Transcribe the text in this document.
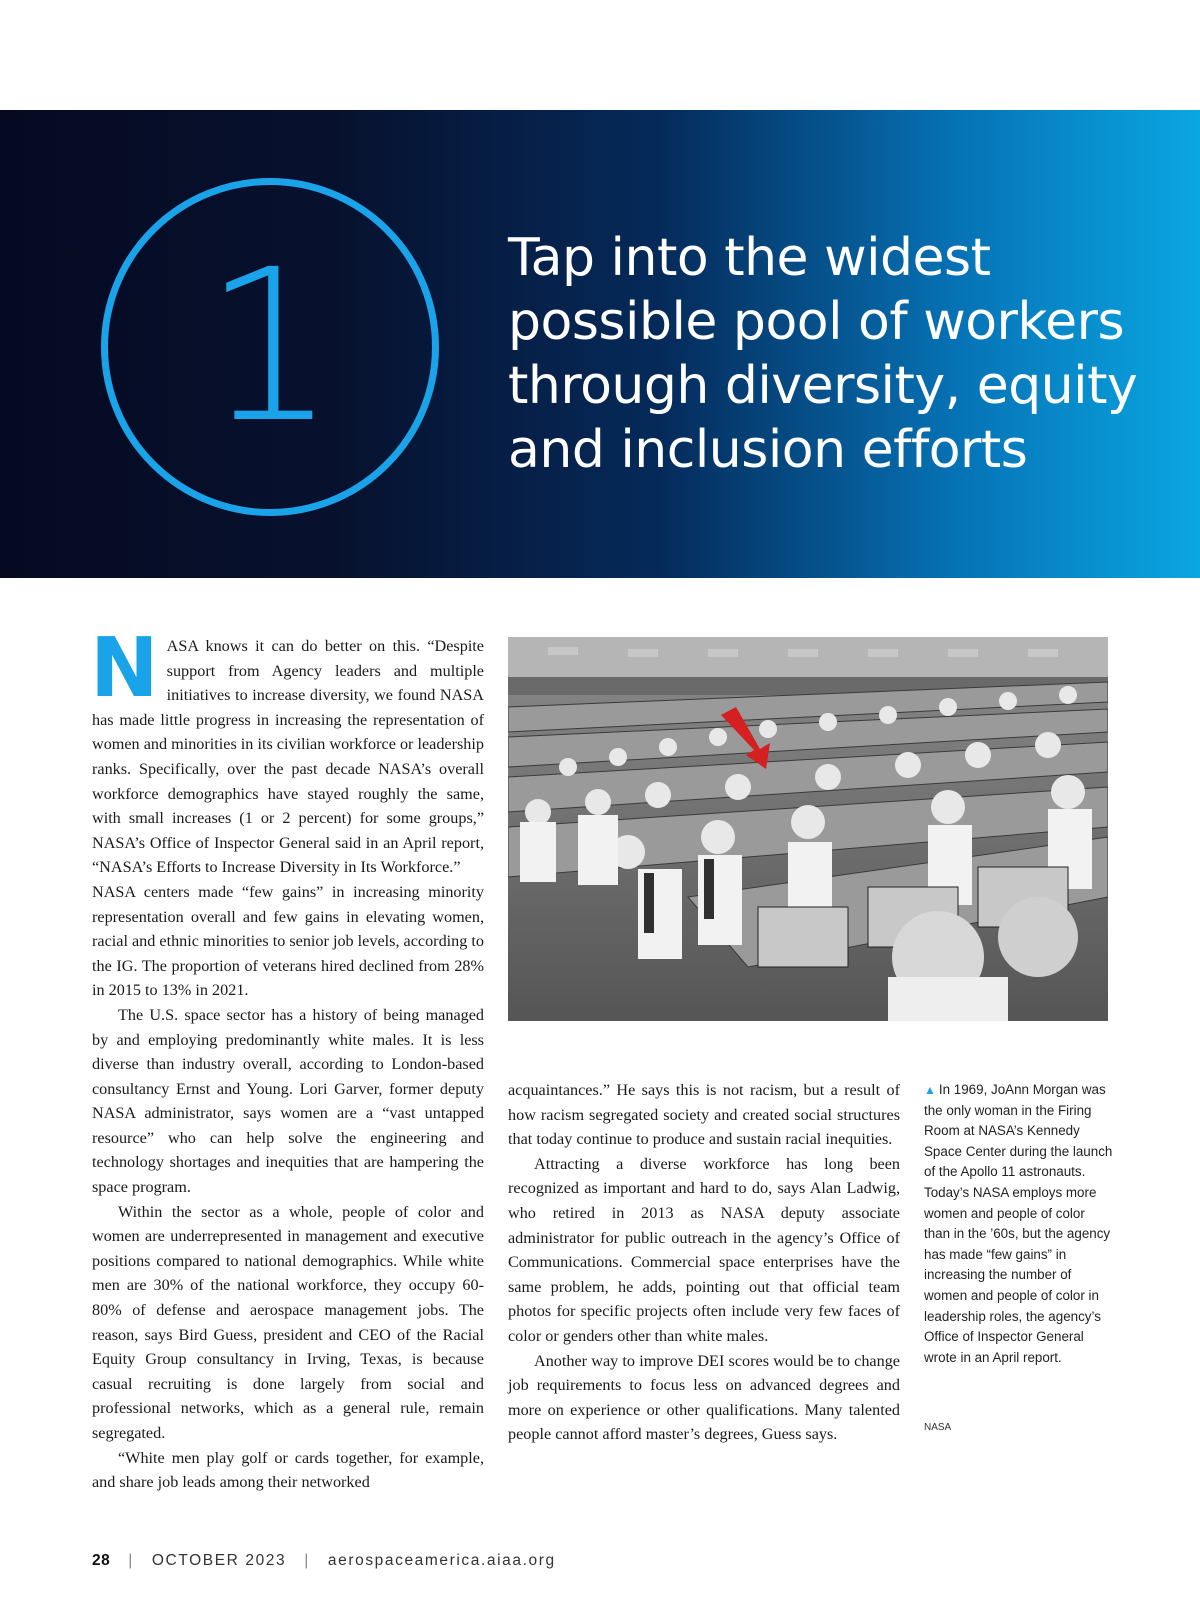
1	Tap into the widest possible pool of workers through diversity, equity and inclusion efforts
N ASA knows it can do better on this. “Despite support from Agency leaders and multiple initiatives to increase diversity, we found NASA has made little progress in increasing the representation of women and minorities in its civilian workforce or leadership ranks. Specifically, over the past decade NASA’s overall workforce demographics have stayed roughly the same, with small increases (1 or 2 percent) for some groups,” NASA’s Office of Inspector General said in an April report, “NASA’s Efforts to Increase Diversity in Its Workforce.”

NASA centers made “few gains” in increasing minority representation overall and few gains in elevating women, racial and ethnic minorities to senior job levels, according to the IG. The proportion of veterans hired declined from 28% in 2015 to 13% in 2021.

The U.S. space sector has a history of being managed by and employing predominantly white males. It is less diverse than industry overall, according to London-based consultancy Ernst and Young. Lori Garver, former deputy NASA administrator, says women are a “vast untapped resource” who can help solve the engineering and technology shortages and inequities that are hampering the space program.

Within the sector as a whole, people of color and women are underrepresented in management and executive positions compared to national demographics. While white men are 30% of the national workforce, they occupy 60-80% of defense and aerospace management jobs. The reason, says Bird Guess, president and CEO of the Racial Equity Group consultancy in Irving, Texas, is because casual recruiting is done largely from social and professional networks, which as a general rule, remain segregated.

“White men play golf or cards together, for example, and share job leads among their networked

acquaintances.” He says this is not racism, but a result of how racism segregated society and created social structures that today continue to produce and sustain racial inequities.

Attracting a diverse workforce has long been recognized as important and hard to do, says Alan Ladwig, who retired in 2013 as NASA deputy associate administrator for public outreach in the agency’s Office of Communications. Commercial space enterprises have the same problem, he adds, pointing out that official team photos for specific projects often include very few faces of color or genders other than white males.

Another way to improve DEI scores would be to change job requirements to focus less on advanced degrees and more on experience or other qualifications. Many talented people cannot afford master’s degrees, Guess says.

▲ In 1969, JoAnn Morgan was the only woman in the Firing Room at NASA’s Kennedy Space Center during the launch of the Apollo 11 astronauts. Today’s NASA employs more women and people of color than in the ’60s, but the agency has made “few gains” in increasing the number of women and people of color in leadership roles, the agency’s Office of Inspector General wrote in an April report.
NASA
28 | OCTOBER 2023 | aerospaceamerica.aiaa.org
